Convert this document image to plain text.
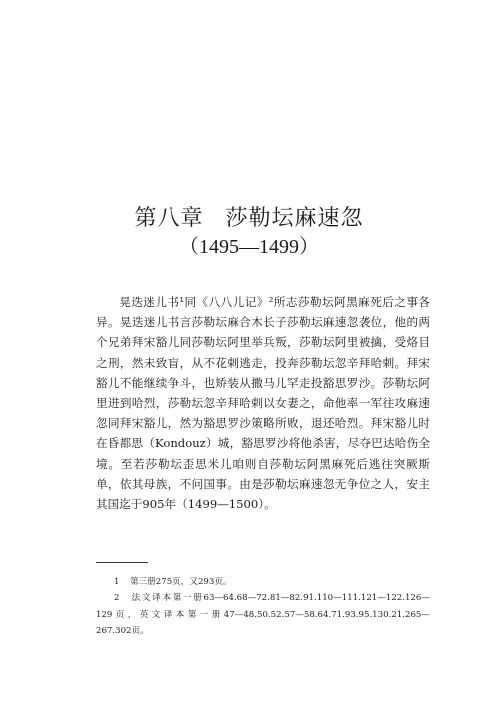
第八章 莎勒坛麻速忽
（1495—1499）

晃迭迷儿书¹同《八八儿记》²所志莎勒坛阿黑麻死后之事各异。晃迭迷儿书言莎勒坛麻合木长子莎勒坛麻速忽袭位，他的两个兄弟拜宋豁儿同莎勒坛阿里举兵叛，莎勒坛阿里被擒，受烙目之刑，然未致盲，从不花剌逃走，投奔莎勒坛忽辛拜哈剌。拜宋豁儿不能继续争斗，也矫装从撒马儿罕走投豁思罗沙。莎勒坛阿里进到哈烈，莎勒坛忽辛拜哈剌以女妻之，命他率一军往攻麻速忽同拜宋豁儿，然为豁思罗沙策略所败，退还哈烈。拜宋豁儿时在昏都思（Kondouz）城，豁思罗沙将他杀害，尽夺巴达哈伤全境。至若莎勒坛歪思米儿咱则自莎勒坛阿黑麻死后逃往突厥斯单，依其母族，不问国事。由是莎勒坛麻速忽无争位之人，安主其国迄于905年（1499—1500）。

1 第三册275页，又293页。

2 法文译本第一册63—64.68—72.81—82.91.110—111.121—122.126—129页，英文译本第一册47—48.50.52.57—58.64.71.93.95.130.21.265—267.302页。
